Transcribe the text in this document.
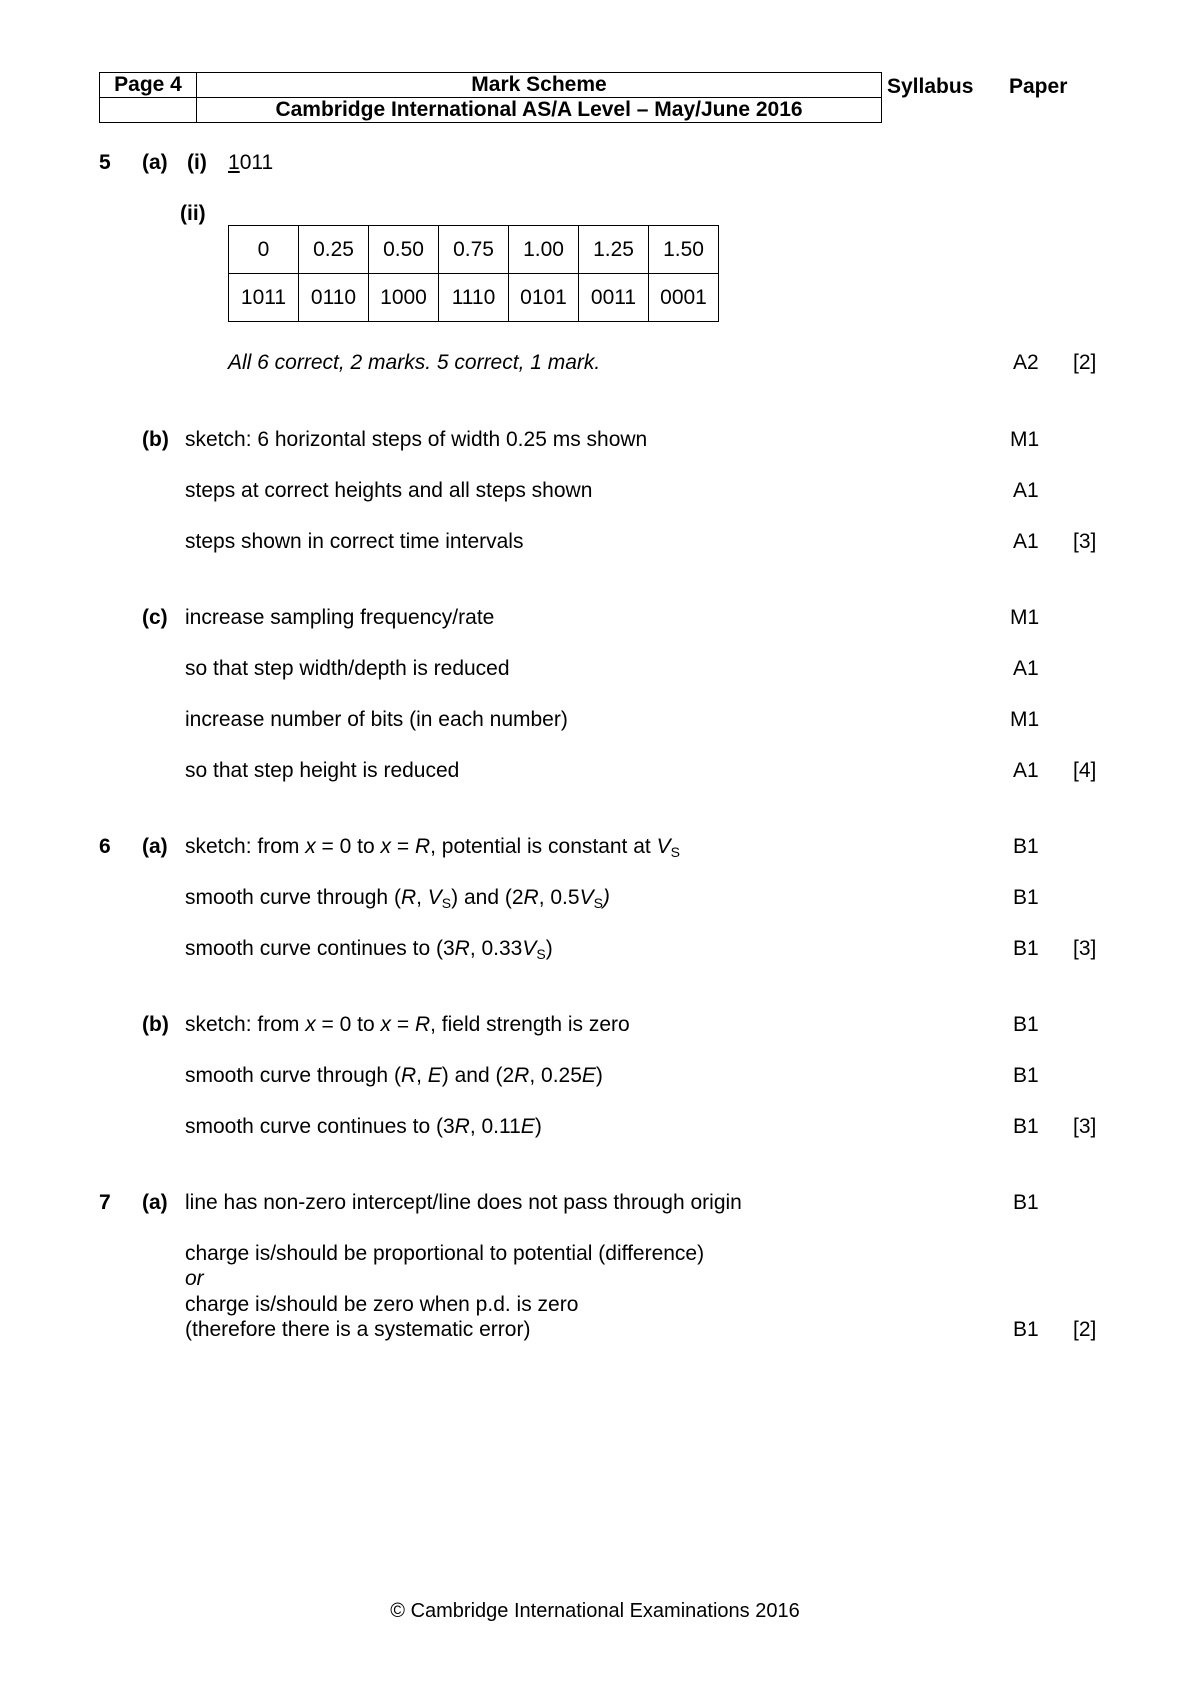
Page 4	Mark Scheme
	Cambridge International AS/A Level – May/June 2016
Syllabus Paper
5 (a) (i) 1011
(ii)
0	0.25	0.50	0.75	1.00	1.25	1.50
1011	0110	1000	1110	0101	0011	0001
All 6 correct, 2 marks. 5 correct, 1 mark.	A2 [2]
(b) sketch: 6 horizontal steps of width 0.25 ms shown	M1
steps at correct heights and all steps shown	A1
steps shown in correct time intervals	A1 [3]
(c) increase sampling frequency/rate	M1
so that step width/depth is reduced	A1
increase number of bits (in each number)	M1
so that step height is reduced	A1 [4]
6 (a) sketch: from x = 0 to x = R, potential is constant at $V_S$	B1
smooth curve through (R, $V_S$) and (2R, $0.5V_S$)	B1
smooth curve continues to (3R, $0.33V_S$)	B1 [3]
(b) sketch: from x = 0 to x = R, field strength is zero	B1
smooth curve through (R, E) and (2R, 0.25E)	B1
smooth curve continues to (3R, 0.11E)	B1 [3]
7 (a) line has non-zero intercept/line does not pass through origin	B1
charge is/should be proportional to potential (difference)
or
charge is/should be zero when p.d. is zero
(therefore there is a systematic error)	B1 [2]
© Cambridge International Examinations 2016
